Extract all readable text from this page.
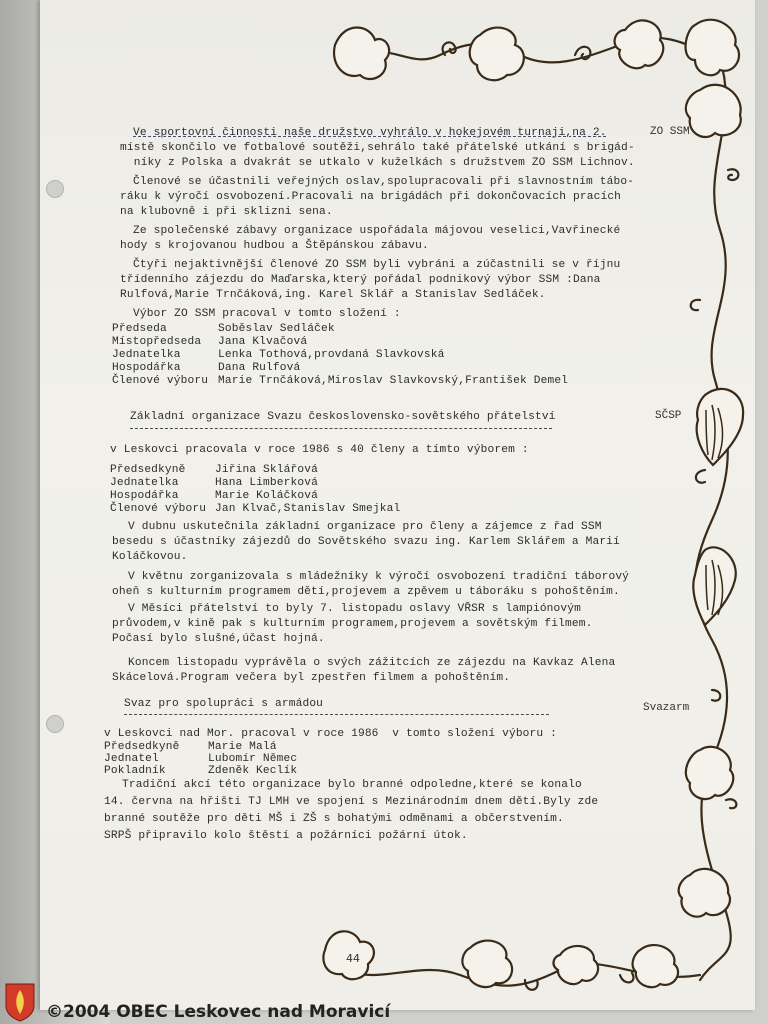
Ve sportovní činnosti naše družstvo vyhrálo v hokejovém turnaji,na 2.
místě skončilo ve fotbalové soutěži,sehrálo také přátelské utkání s brigád-
níky z Polska a dvakrát se utkalo v kuželkách s družstvem ZO SSM Lichnov.
Členové se účastnili veřejných oslav,spolupracovali při slavnostním tábo-
ráku k výročí osvobození.Pracovali na brigádách při dokončovacích pracích
na klubovně i při sklizni sena.
Ze společenské zábavy organizace uspořádala májovou veselici,Vavřinecké
hody s krojovanou hudbou a Štěpánskou zábavu.
Čtyři nejaktivnější členové ZO SSM byli vybráni a zúčastnili se v říjnu
třídenního zájezdu do Maďarska,který pořádal podnikový výbor SSM :Dana
Rulfová,Marie Trnčáková,ing. Karel Sklář a Stanislav Sedláček.
Výbor ZO SSM pracoval v tomto složení :
Předseda	Soběslav Sedláček
Místopředseda Jana Klvačová
Jednatelka	Lenka Tothová,provdaná Slavkovská
Hospodářka	Dana Rulfová
Členové výboru Marie Trnčáková,Miroslav Slavkovský,František Demel
Základní organizace Svazu československo-sovětského přátelství
v Leskovci pracovala v roce 1986 s 40 členy a tímto výborem :
Předsedkyně	Jiřina Sklářová
Jednatelka	Hana Limberková
Hospodářka	Marie Koláčková
Členové výboru Jan Klvač,Stanislav Smejkal
V dubnu uskutečnila základní organizace pro členy a zájemce z řad SSM
besedu s účastníky zájezdů do Sovětského svazu ing. Karlem Sklářem a Marií
Koláčkovou.
V květnu zorganizovala s mládežníky k výročí osvobození tradiční táborový
oheň s kulturním programem dětí,projevem a zpěvem u táboráku s pohoštěním.
V Měsíci přátelství to byly 7. listopadu oslavy VŘSR s lampiónovým
průvodem,v kině pak s kulturním programem,projevem a sovětským filmem.
Počasí bylo slušné,účast hojná.
Koncem listopadu vyprávěla o svých zážitcích ze zájezdu na Kavkaz Alena
Skácelová.Program večera byl zpestřen filmem a pohoštěním.
Svaz pro spolupráci s armádou
v Leskovci nad Mor. pracoval v roce 1986  v tomto složení výboru :
Předsedkyně	Marie Malá
Jednatel	Lubomír Němec
Pokladník	Zdeněk Keclík
Tradiční akcí této organizace bylo branné odpoledne,které se konalo
14. června na hřišti TJ LMH ve spojení s Mezinárodním dnem dětí.Byly zde
branné soutěže pro děti MŠ i ZŠ s bohatými odměnami a občerstvením.
SRPŠ připravilo kolo štěstí a požárníci požární útok.
ZO SSM
SČSP
Svazarm
44
©2004 OBEC Leskovec nad Moravicí
